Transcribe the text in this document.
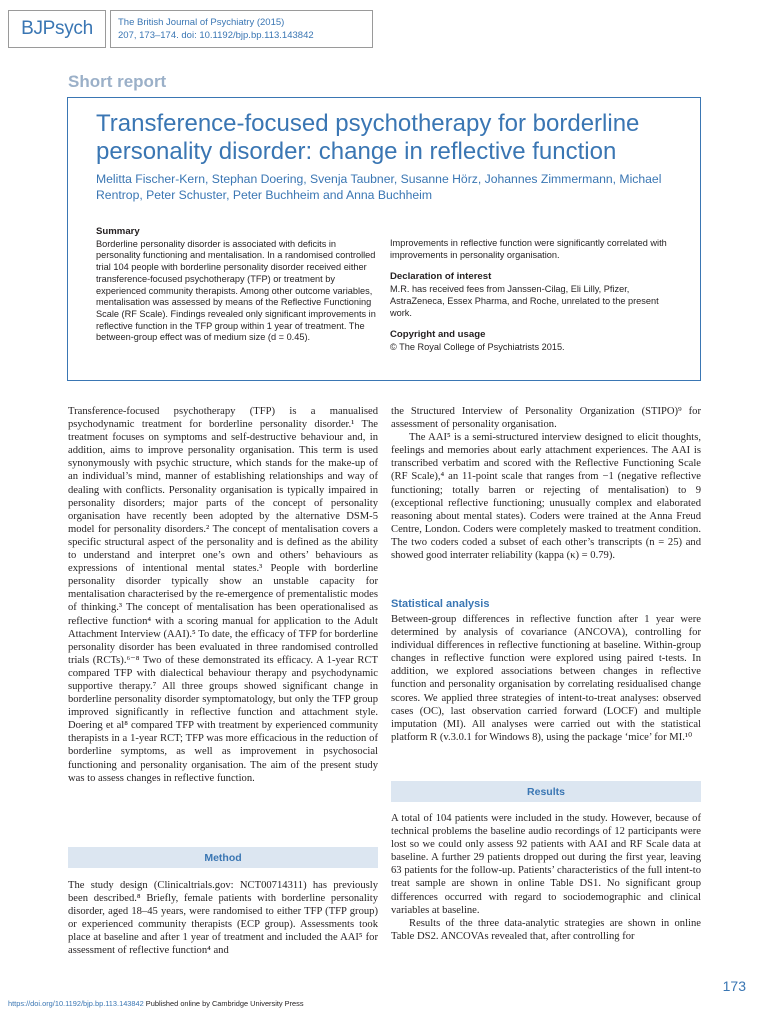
BJPsych	The British Journal of Psychiatry (2015)
207, 173–174. doi: 10.1192/bjp.bp.113.143842
Short report
Transference-focused psychotherapy for borderline personality disorder: change in reflective function
Melitta Fischer-Kern, Stephan Doering, Svenja Taubner, Susanne Hörz, Johannes Zimmermann, Michael Rentrop, Peter Schuster, Peter Buchheim and Anna Buchheim
Summary
Borderline personality disorder is associated with deficits in personality functioning and mentalisation. In a randomised controlled trial 104 people with borderline personality disorder received either transference-focused psychotherapy (TFP) or treatment by experienced community therapists. Among other outcome variables, mentalisation was assessed by means of the Reflective Functioning Scale (RF Scale). Findings revealed only significant improvements in reflective function in the TFP group within 1 year of treatment. The between-group effect was of medium size (d = 0.45).
Improvements in reflective function were significantly correlated with improvements in personality organisation.
Declaration of interest
M.R. has received fees from Janssen-Cilag, Eli Lilly, Pfizer, AstraZeneca, Essex Pharma, and Roche, unrelated to the present work.
Copyright and usage
© The Royal College of Psychiatrists 2015.

Transference-focused psychotherapy (TFP) is a manualised psychodynamic treatment for borderline personality disorder.¹ The treatment focuses on symptoms and self-destructive behaviour and, in addition, aims to improve personality organisation. This term is used synonymously with psychic structure, which stands for the make-up of an individual’s mind, manner of establishing relationships and way of dealing with conflicts. Personality organisation is typically impaired in personality disorders; major parts of the concept of personality organisation have recently been adopted by the alternative DSM-5 model for personality disorders.² The concept of mentalisation covers a specific structural aspect of the personality and is defined as the ability to understand and interpret one’s own and others’ behaviours as expressions of intentional mental states.³ People with borderline personality disorder typically show an unstable capacity for mentalisation characterised by the re-emergence of prementalistic modes of thinking.³ The concept of mentalisation has been operationalised as reflective function⁴ with a scoring manual for application to the Adult Attachment Interview (AAI).⁵ To date, the efficacy of TFP for borderline personality disorder has been evaluated in three randomised controlled trials (RCTs).⁶⁻⁸ Two of these demonstrated its efficacy. A 1-year RCT compared TFP with dialectical behaviour therapy and psychodynamic supportive therapy.⁷ All three groups showed significant change in borderline personality disorder symptomatology, but only the TFP group improved significantly in reflective function and attachment style. Doering et al⁸ compared TFP with treatment by experienced community therapists in a 1-year RCT; TFP was more efficacious in the reduction of borderline symptoms, as well as improvement in psychosocial functioning and personality organisation. The aim of the present study was to assess changes in reflective function.

Method

The study design (Clinicaltrials.gov: NCT00714311) has previously been described.⁸ Briefly, female patients with borderline personality disorder, aged 18–45 years, were randomised to either TFP (TFP group) or experienced community therapists (ECP group). Assessments took place at baseline and after 1 year of treatment and included the AAI⁵ for assessment of reflective function⁴ and

the Structured Interview of Personality Organization (STIPO)⁹ for assessment of personality organisation.

The AAI⁵ is a semi-structured interview designed to elicit thoughts, feelings and memories about early attachment experiences. The AAI is transcribed verbatim and scored with the Reflective Functioning Scale (RF Scale),⁴ an 11-point scale that ranges from −1 (negative reflective functioning; totally barren or rejecting of mentalisation) to 9 (exceptional reflective functioning; unusually complex and elaborated reasoning about mental states). Coders were trained at the Anna Freud Centre, London. Coders were completely masked to treatment condition. The two coders coded a subset of each other’s transcripts (n = 25) and showed good interrater reliability (kappa (κ) = 0.79).

Statistical analysis

Between-group differences in reflective function after 1 year were determined by analysis of covariance (ANCOVA), controlling for individual differences in reflective functioning at baseline. Within-group changes in reflective function were explored using paired t-tests. In addition, we explored associations between changes in reflective function and personality organisation by correlating residualised change scores. We applied three strategies of intent-to-treat analyses: observed cases (OC), last observation carried forward (LOCF) and multiple imputation (MI). All analyses were carried out with the statistical platform R (v.3.0.1 for Windows 8), using the package ‘mice’ for MI.¹⁰

Results

A total of 104 patients were included in the study. However, because of technical problems the baseline audio recordings of 12 participants were lost so we could only assess 92 patients with AAI and RF Scale data at baseline. A further 29 patients dropped out during the first year, leaving 63 patients for the follow-up. Patients’ characteristics of the full intent-to treat sample are shown in online Table DS1. No significant group differences occurred with regard to sociodemographic and clinical variables at baseline.

Results of the three data-analytic strategies are shown in online Table DS2. ANCOVAs revealed that, after controlling for

https://doi.org/10.1192/bjp.bp.113.143842 Published online by Cambridge University Press
173
